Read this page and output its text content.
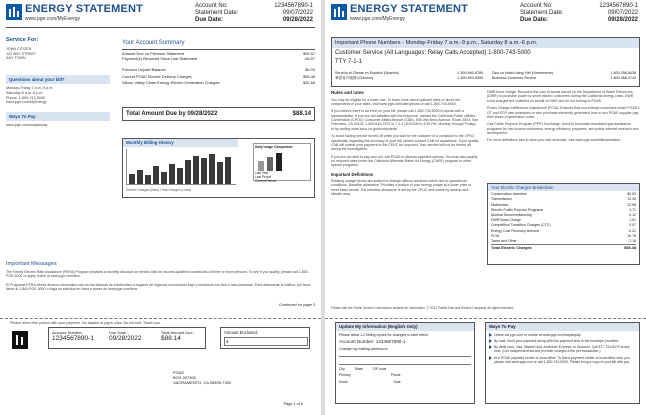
ENERGY STATEMENT
www.pge.com/MyEnergy
Account No:	1234567890-1
Statement Date:	09/07/2022
Due Date:	09/28/2022
Service For:
JOHN CITIZEN
123 ANY STREET
ANY TOWN
Questions about your bill?
Monday-Friday 7 a.m.-9 p.m.
Saturday 8 a.m.-6 p.m.
Phone: 1-800-743-5000
www.pge.com/MyEnergy
Ways To Pay
www.pge.com/waystopay
Your Account Summary
Amount Due on Previous Statement	$95.57
Payment(s) Received Since Last Statement	-95.57
Previous Unpaid Balance	$0.00
Current PG&E Electric Delivery Charges	$55.48
Silicon Valley Clean Energy Electric Generation Charges	$32.66
Total Amount Due by 09/28/2022	$88.14
Monthly Billing History
Electric Charges (Bars) / Gas Charges (Lines)
Daily Usage Comparison
Last Year
Last Period
Current Period
Important Messages
The Family Electric Rate Assistance (FERA) Program provides a monthly discount on electric bills for income-qualified households of three or more persons. To see if you qualify, please call 1-800-PGE-5000 or apply online at www.pge.com/fera.
El Programa FERA ofrece ahorros mensuales solo en las facturas de electricidad a hogares de ingresos económicos bajo y medianos con tres o más personas. Para determinar si califica, por favor llame al 1-800-PGE-5000 o haga su solicitud en línea a través de www.pge.com/fera.
Continued on page 3
Please return this portion with your payment. No staples or paper clips. Do not fold. Thank you.
Account Number:
1234567890-1
Due Date:
09/28/2022
Total Amount Due:
$88.14
Amount Enclosed:
$
PG&E
BOX 997300
SACRAMENTO, CA 95899-7300
Page 1 of 5
ENERGY STATEMENT
www.pge.com/MyEnergy
Account No:	1234567890-1
Statement Date:	09/07/2022
Due Date:	09/28/2022
Important Phone Numbers - Monday-Friday 7 a.m.-9 p.m., Saturday 8 a.m.-6 p.m.
Customer Service (All Languages; Relay Calls Accepted) 1-800-743-5000
TTY 7-1-1
Servicio al Cliente en Español (Spanish)	1-800-660-6789
華語客戶服務 (Chinese)	1-800-893-9555
Dịch vụ khách hàng Việt (Vietnamese)	1-800-298-8438
Business Customer Service	1-800-468-4743
Rules and rates
You may be eligible for a lower rate. To learn more about optional rates or about the components of your rates, visit www.pge.com/rateoptions or call 1-800-743-5000.
If you believe there is an error on your bill, please call 1-800-743-5000 to speak with a representative. If you are not satisfied with the response, contact the California Public Utilities Commission (CPUC) Consumer Affairs Branch (CAB), 505 Van Ness Avenue, Room 2003, San Francisco, CA 94102, 1-800-649-7570 or 7-1-1 (8:30 AM to 4:30 PM, Monday through Friday) or by visiting www.cpuc.ca.gov/complaints/.
To avoid having service turned off while you wait for the outcome of a complaint to the CPUC specifically regarding the accuracy of your bill, please contact CAB for assistance. If you qualify, CAB will submit your payment to the CPUC for impound. Your service will not be turned off during the investigation.
If you are not able to pay your bill, call PG&E to discuss payment options. You may also qualify for reduced rates under the California Alternate Rates for Energy (CARE) program or other special programs.
Important Definitions
Rotating outage blocks are subject to change without advance notice due to operational conditions. Baseline allowance: Provides a portion of your energy usage at a lower price to meet basic needs. The baseline allowance is set by the CPUC and varies by season and climate area.
DWR bond charge: Recovers the cost of bonds issued by the Department of Water Resources (DWR) to purchase power to serve electric customers during the California energy crisis. DWR bond charges are collected on behalf of DWR and do not belong to PG&E.
Power Charge Indifference Adjustment (PCIA): Ensures that non-exempt customers under PG&E's GT and ECR rate schedules or who purchase electricity generated from a non-PG&E supplier pay their share of generation costs.
Gas Public Purpose Program (PPP) Surcharge: Used to fund state-mandated gas assistance programs for low-income customers, energy efficiency programs, and public-interest research and development.
For more definitions and to view your rate schedule, visit www.pge.com/billexplanation.
Your Electric Charges Breakdown
Conservation Incentive	$0.53
Transmission	12.42
Distribution	22.98
Electric Public Purpose Programs	4.71
Nuclear Decommissioning	0.12
DWR Bond Charge	1.91
Competition Transition Charges (CTC)	0.07
Energy Cost Recovery Amount	-0.22
PCIA	10.78
Taxes and Other	2.18
Total Electric Charges	$55.48
Please visit the Public Service Commission website for information. © 2022 Pacific Gas and Electric Company. All rights reserved.
Update My Information (English Only)
Please allow 1-2 billing cycles for changes to take effect.
Account Number: 1234567890-1
Change my mailing address to:
City	State	ZIP code
Primary	Phone
Email	Date
Ways To Pay
Online via pge.com or mobile at www.pge.com/waystopay.
By mail: Send your payment along with this payment stub in the envelope provided.
By debit card, Visa, MasterCard, American Express, or Discover. Call 877-704-8470 at any time. (Our independent service provider charges a fee per transaction.)
At a PG&E payment center or local office. To find a payment center or local office near you, please visit www.pge.com or call 1-800-743-5000. Please bring a copy of your bill with you.
